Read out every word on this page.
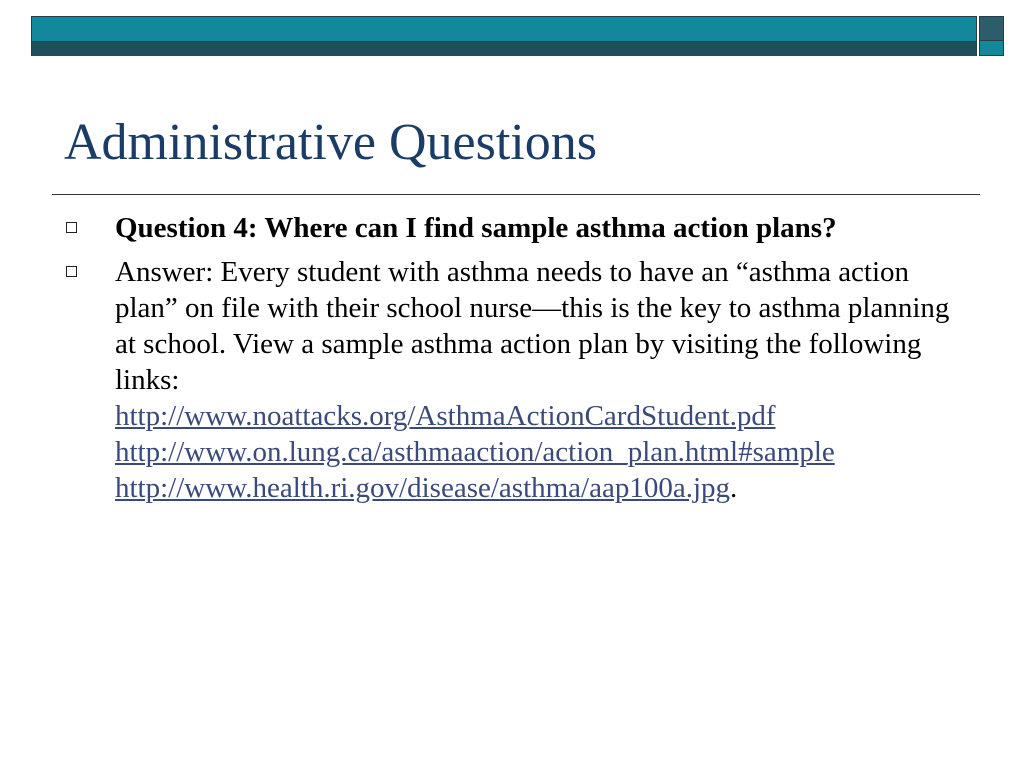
Administrative Questions
Question 4: Where can I find sample asthma action plans?
Answer: Every student with asthma needs to have an “asthma action plan” on file with their school nurse—this is the key to asthma planning at school. View a sample asthma action plan by visiting the following links:
http://www.noattacks.org/AsthmaActionCardStudent.pdf
http://www.on.lung.ca/asthmaaction/action_plan.html#sample
http://www.health.ri.gov/disease/asthma/aap100a.jpg.
